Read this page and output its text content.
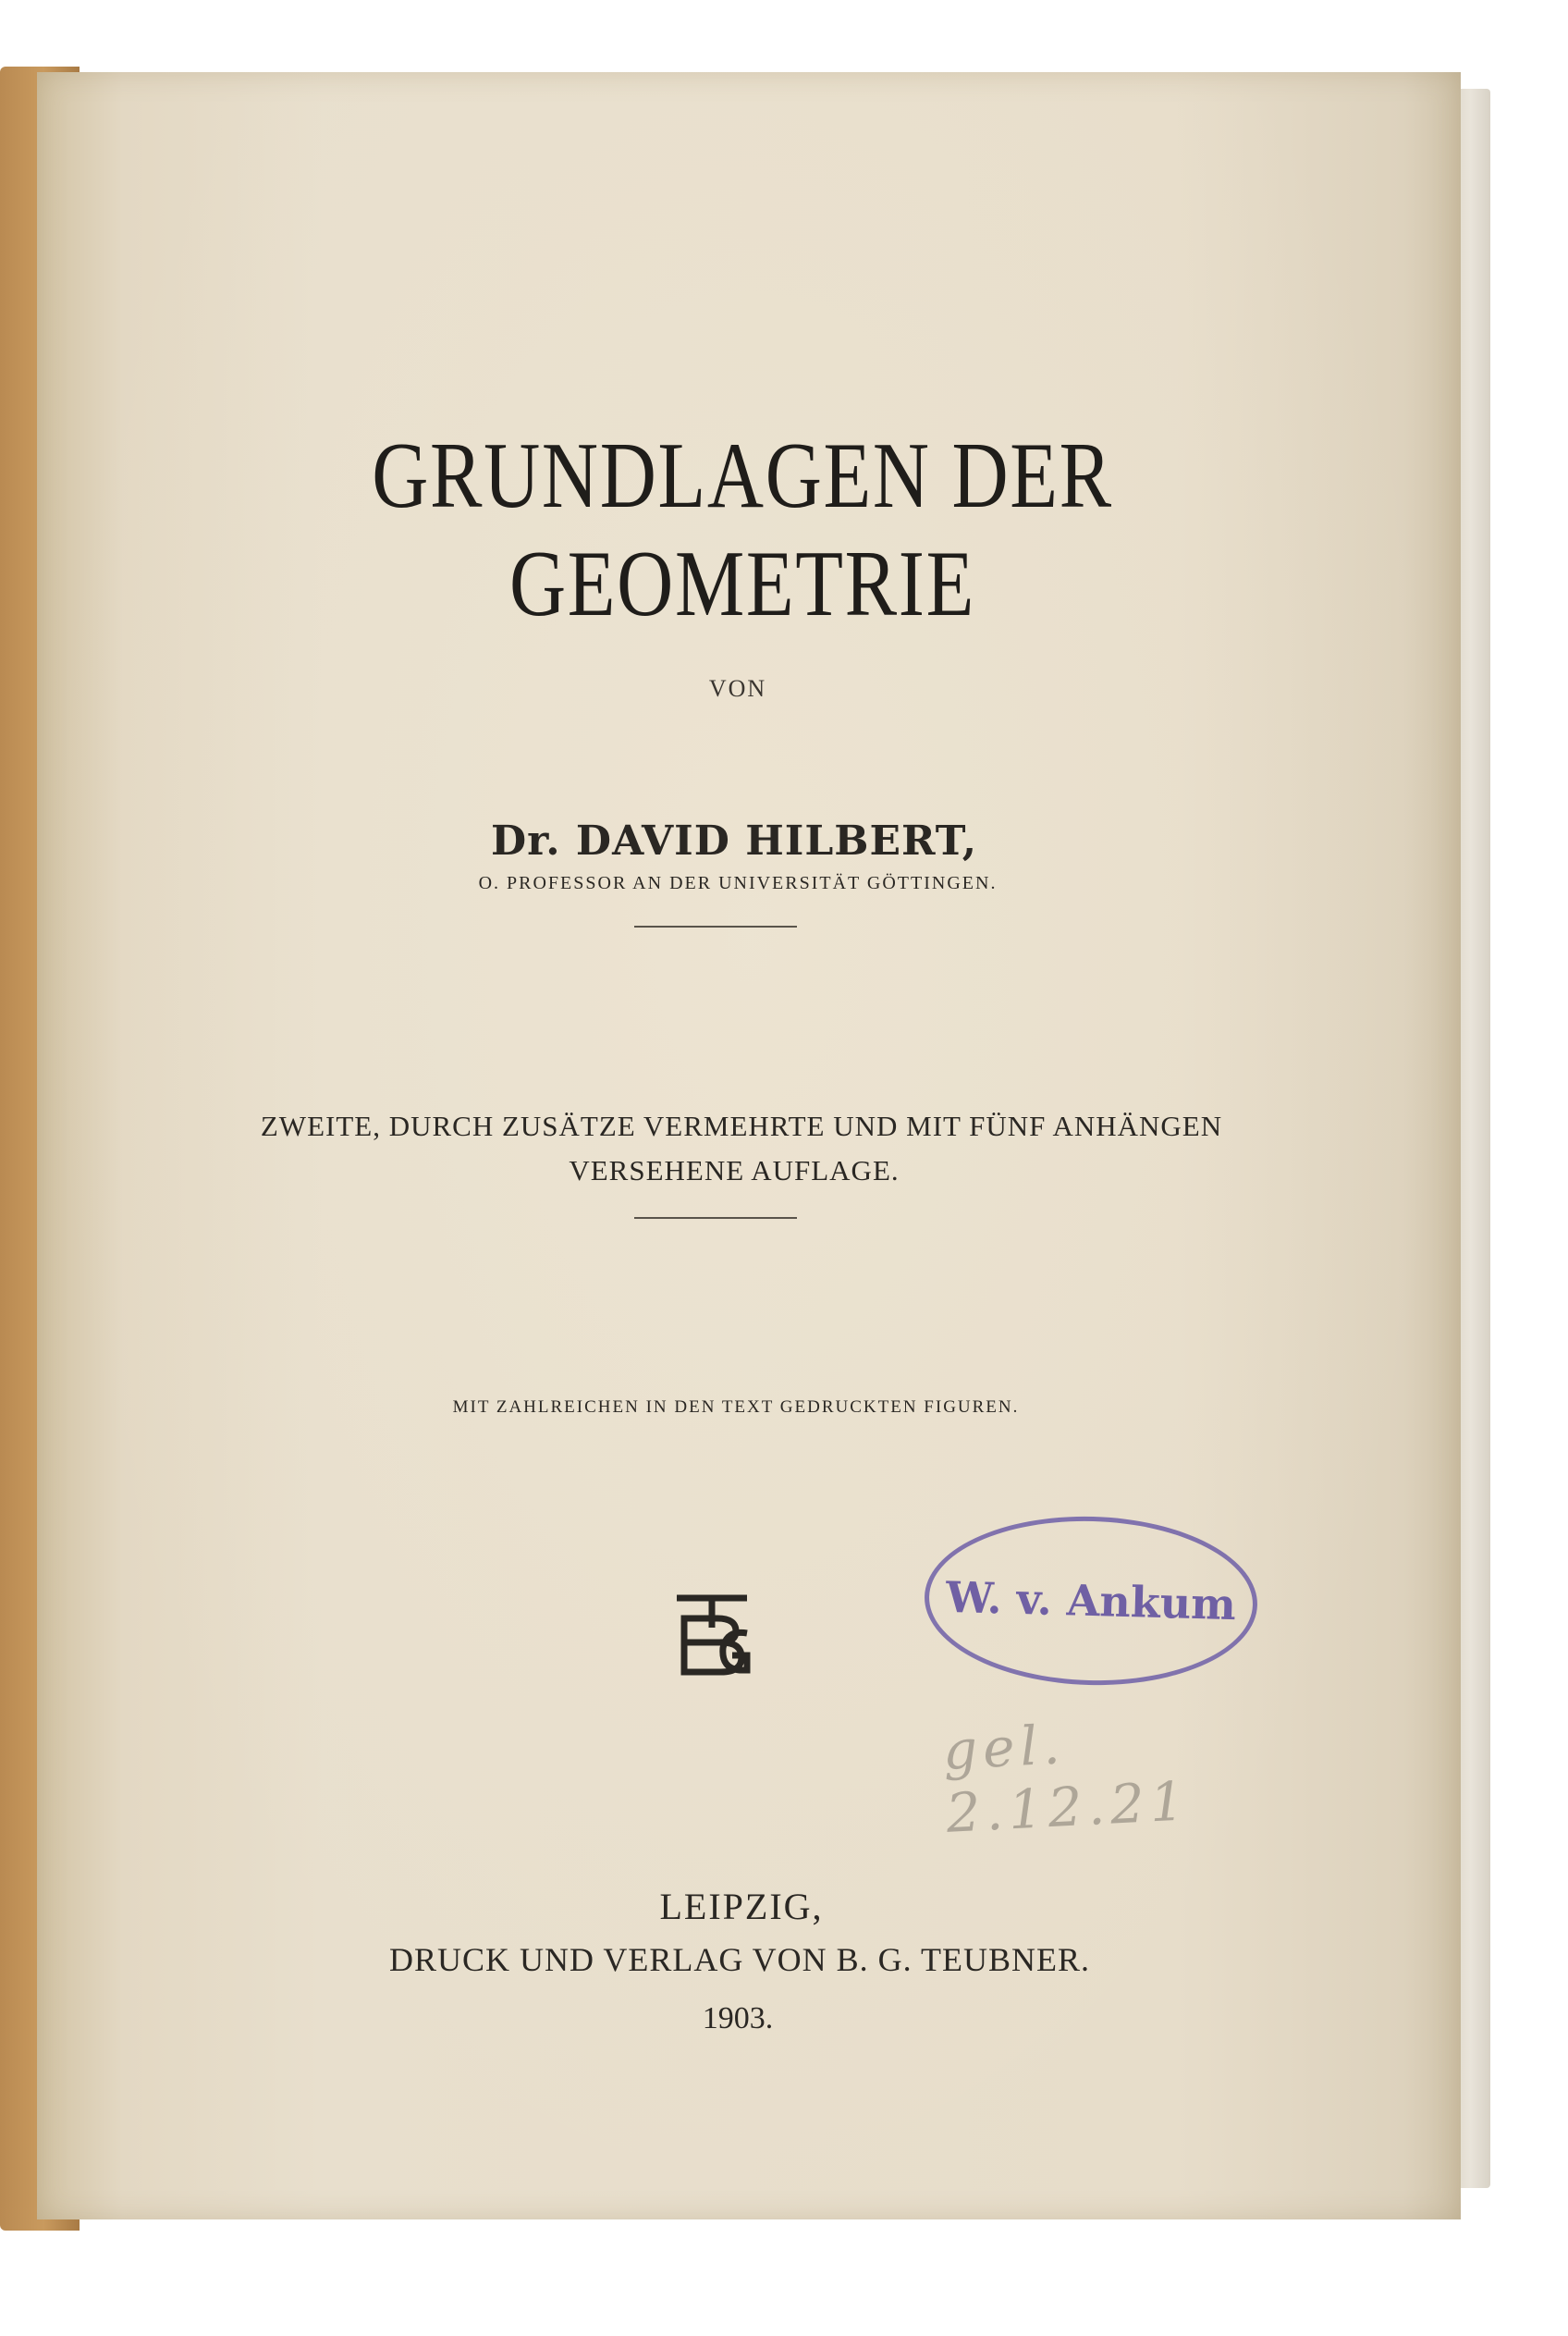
GRUNDLAGEN DER GEOMETRIE
VON
Dr. DAVID HILBERT,
O. PROFESSOR AN DER UNIVERSITÄT GÖTTINGEN.
ZWEITE, DURCH ZUSÄTZE VERMEHRTE UND MIT FÜNF ANHÄNGEN
VERSEHENE AUFLAGE.
MIT ZAHLREICHEN IN DEN TEXT GEDRUCKTEN FIGUREN.
W. v. Ankum
gel. 2.12.21
LEIPZIG,
DRUCK UND VERLAG VON B. G. TEUBNER.
1903.
